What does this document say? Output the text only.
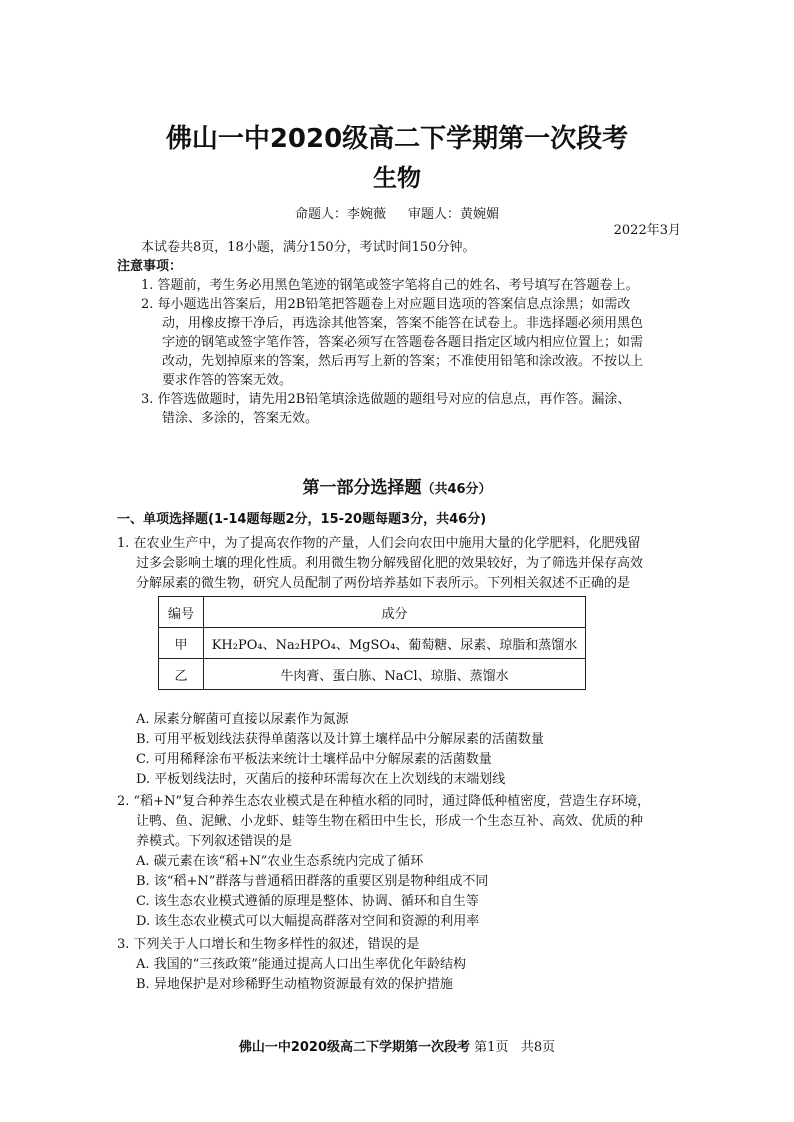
佛山一中2020级高二下学期第一次段考
生物
命题人：李婉薇 审题人：黄婉媚
2022年3月
本试卷共8页，18小题，满分150分，考试时间150分钟。
注意事项：
1. 答题前，考生务必用黑色笔迹的钢笔或签字笔将自己的姓名、考号填写在答题卷上。
2. 每小题选出答案后，用2B铅笔把答题卷上对应题目选项的答案信息点涂黑；如需改
动，用橡皮擦干净后，再选涂其他答案，答案不能答在试卷上。非选择题必须用黑色
字迹的钢笔或签字笔作答，答案必须写在答题卷各题目指定区域内相应位置上；如需
改动，先划掉原来的答案，然后再写上新的答案；不准使用铅笔和涂改液。不按以上
要求作答的答案无效。
3. 作答选做题时，请先用2B铅笔填涂选做题的题组号对应的信息点，再作答。漏涂、
错涂、多涂的，答案无效。
第一部分选择题（共46分）
一、单项选择题(1-14题每题2分，15-20题每题3分，共46分)
1. 在农业生产中，为了提高农作物的产量，人们会向农田中施用大量的化学肥料，化肥残留
过多会影响土壤的理化性质。利用微生物分解残留化肥的效果较好，为了筛选并保存高效
分解尿素的微生物，研究人员配制了两份培养基如下表所示。下列相关叙述不正确的是
编号	成分
甲	KH₂PO₄、Na₂HPO₄、MgSO₄、葡萄糖、尿素、琼脂和蒸馏水
乙	牛肉膏、蛋白胨、NaCl、琼脂、蒸馏水
A. 尿素分解菌可直接以尿素作为氮源
B. 可用平板划线法获得单菌落以及计算土壤样品中分解尿素的活菌数量
C. 可用稀释涂布平板法来统计土壤样品中分解尿素的活菌数量
D. 平板划线法时，灭菌后的接种环需每次在上次划线的末端划线
2. “稻+N”复合种养生态农业模式是在种植水稻的同时，通过降低种植密度，营造生存环境，
让鸭、鱼、泥鳅、小龙虾、蛙等生物在稻田中生长，形成一个生态互补、高效、优质的种
养模式。下列叙述错误的是
A. 碳元素在该“稻+N”农业生态系统内完成了循环
B. 该“稻+N”群落与普通稻田群落的重要区别是物种组成不同
C. 该生态农业模式遵循的原理是整体、协调、循环和自生等
D. 该生态农业模式可以大幅提高群落对空间和资源的利用率
3. 下列关于人口增长和生物多样性的叙述，错误的是
A. 我国的“三孩政策”能通过提高人口出生率优化年龄结构
B. 异地保护是对珍稀野生动植物资源最有效的保护措施
佛山一中2020级高二下学期第一次段考 第1页 共8页
